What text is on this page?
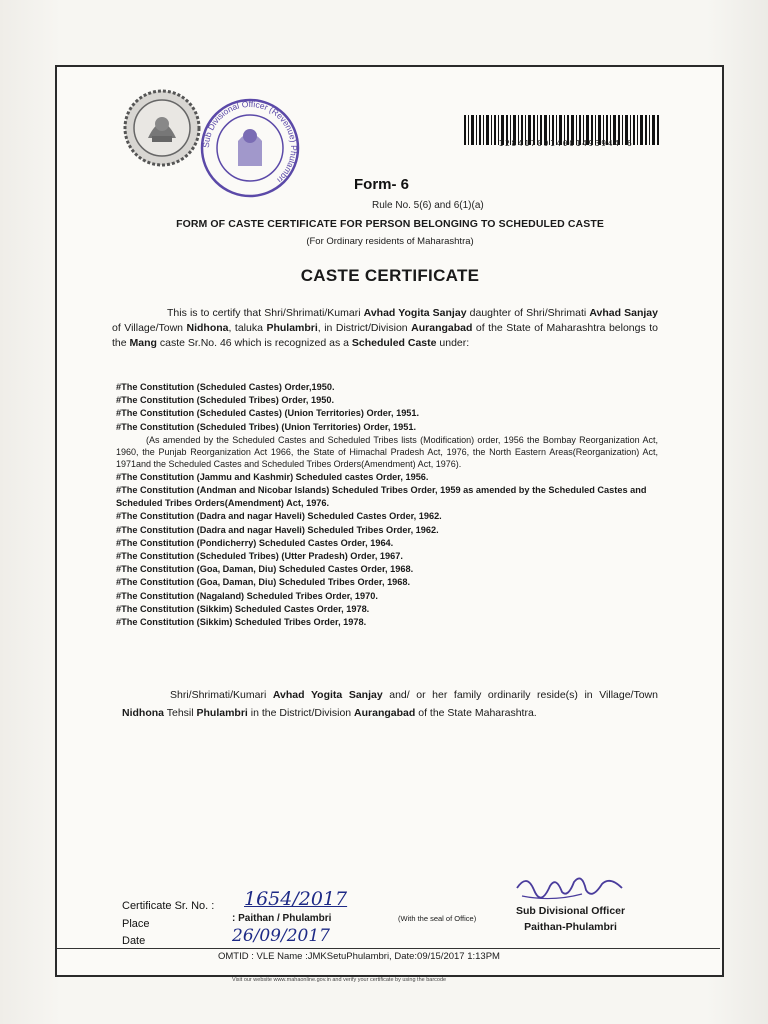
Sub Divisional Officer (Revenue) Phulambri
1284170914001493944 6
Form- 6
Rule No. 5(6) and 6(1)(a)
FORM OF CASTE CERTIFICATE FOR PERSON BELONGING TO SCHEDULED CASTE
(For Ordinary residents of Maharashtra)
CASTE CERTIFICATE
This is to certify that Shri/Shrimati/Kumari Avhad Yogita Sanjay daughter of Shri/Shrimati Avhad Sanjay of Village/Town Nidhona, taluka Phulambri, in District/Division Aurangabad of the State of Maharashtra belongs to the Mang caste Sr.No. 46 which is recognized as a Scheduled Caste under:
#The Constitution (Scheduled Castes) Order,1950.
#The Constitution (Scheduled Tribes) Order, 1950.
#The Constitution (Scheduled Castes) (Union Territories) Order, 1951.
#The Constitution (Scheduled Tribes) (Union Territories) Order, 1951.
(As amended by the Scheduled Castes and Scheduled Tribes lists (Modification) order, 1956 the Bombay Reorganization Act, 1960, the Punjab Reorganization Act 1966, the State of Himachal Pradesh Act, 1976, the North Eastern Areas(Reorganization) Act, 1971and the Scheduled Castes and Scheduled Tribes Orders(Amendment) Act, 1976).
#The Constitution (Jammu and Kashmir) Scheduled castes Order, 1956.
#The Constitution (Andman and Nicobar Islands) Scheduled Tribes Order, 1959 as amended by the Scheduled Castes and Scheduled Tribes Orders(Amendment) Act, 1976.
#The Constitution (Dadra and nagar Haveli) Scheduled Castes Order, 1962.
#The Constitution (Dadra and nagar Haveli) Scheduled Tribes Order, 1962.
#The Constitution (Pondicherry) Scheduled Castes Order, 1964.
#The Constitution (Scheduled Tribes) (Utter Pradesh) Order, 1967.
#The Constitution (Goa, Daman, Diu) Scheduled Castes Order, 1968.
#The Constitution (Goa, Daman, Diu) Scheduled Tribes Order, 1968.
#The Constitution (Nagaland) Scheduled Tribes Order, 1970.
#The Constitution (Sikkim) Scheduled Castes Order, 1978.
#The Constitution (Sikkim) Scheduled Tribes Order, 1978.
Shri/Shrimati/Kumari Avhad Yogita Sanjay and/ or her family ordinarily reside(s) in Village/Town Nidhona Tehsil Phulambri in the District/Division Aurangabad of the State Maharashtra.
Certificate Sr. No. : 1654/2017
Place	: Paithan / Phulambri
Date	26/09/2017
(With the seal of Office)
Sub Divisional Officer
Paithan-Phulambri
OMTID : VLE Name :JMKSetuPhulambri, Date:09/15/2017 1:13PM
Visit our website www.mahaonline.gov.in and verify your certificate by using the barcode
